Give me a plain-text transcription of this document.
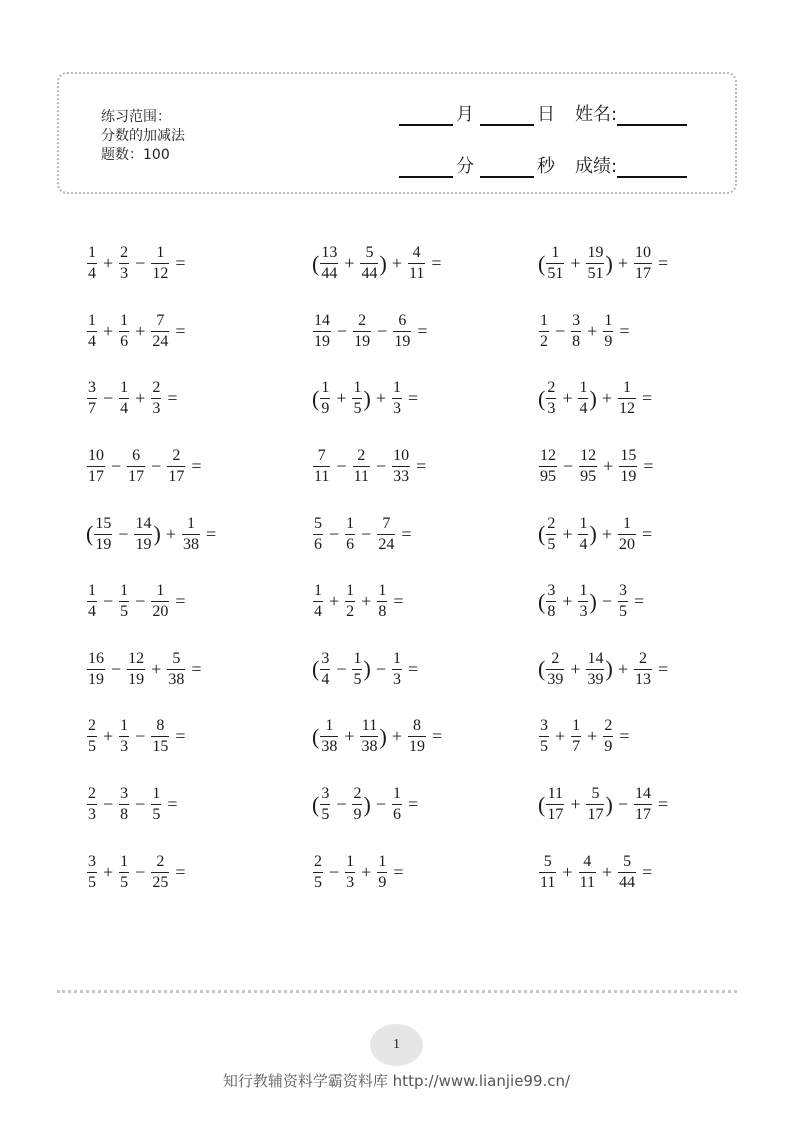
练习范围：
分数的加减法
题数：100
月	日 姓名:
分	秒 成绩:
$\frac{1}{4} + \frac{2}{3} - \frac{1}{12}$ =	( $\frac{13}{44} + \frac{5}{44}$ ) + $\frac{4}{11}$ =	( $\frac{1}{51} + \frac{19}{51}$ ) + $\frac{10}{17}$ =
$\frac{1}{4} + \frac{1}{6} + \frac{7}{24}$ =	$\frac{14}{19} - \frac{2}{19} - \frac{6}{19}$ =	$\frac{1}{2} - \frac{3}{8} + \frac{1}{9}$ =
$\frac{3}{7} - \frac{1}{4} + \frac{2}{3}$ =	( $\frac{1}{9} + \frac{1}{5}$ ) + $\frac{1}{3}$ =	( $\frac{2}{3} + \frac{1}{4}$ ) + $\frac{1}{12}$ =
$\frac{10}{17} - \frac{6}{17} - \frac{2}{17}$ =	$\frac{7}{11} - \frac{2}{11} - \frac{10}{33}$ =	$\frac{12}{95} - \frac{12}{95} + \frac{15}{19}$ =
( $\frac{15}{19} - \frac{14}{19}$ ) + $\frac{1}{38}$ =	$\frac{5}{6} - \frac{1}{6} - \frac{7}{24}$ =	( $\frac{2}{5} + \frac{1}{4}$ ) + $\frac{1}{20}$ =
$\frac{1}{4} - \frac{1}{5} - \frac{1}{20}$ =	$\frac{1}{4} + \frac{1}{2} + \frac{1}{8}$ =	( $\frac{3}{8} + \frac{1}{3}$ ) − $\frac{3}{5}$ =
$\frac{16}{19} - \frac{12}{19} + \frac{5}{38}$ =	( $\frac{3}{4} - \frac{1}{5}$ ) − $\frac{1}{3}$ =	( $\frac{2}{39} + \frac{14}{39}$ ) + $\frac{2}{13}$ =
$\frac{2}{5} + \frac{1}{3} - \frac{8}{15}$ =	( $\frac{1}{38} + \frac{11}{38}$ ) + $\frac{8}{19}$ =	$\frac{3}{5} + \frac{1}{7} + \frac{2}{9}$ =
$\frac{2}{3} - \frac{3}{8} - \frac{1}{5}$ =	( $\frac{3}{5} - \frac{2}{9}$ ) − $\frac{1}{6}$ =	( $\frac{11}{17} + \frac{5}{17}$ ) − $\frac{14}{17}$ =
$\frac{3}{5} + \frac{1}{5} - \frac{2}{25}$ =	$\frac{2}{5} - \frac{1}{3} + \frac{1}{9}$ =	$\frac{5}{11} + \frac{4}{11} + \frac{5}{44}$ =
1
知行教辅资料学霸资料库 http://www.lianjie99.cn/
